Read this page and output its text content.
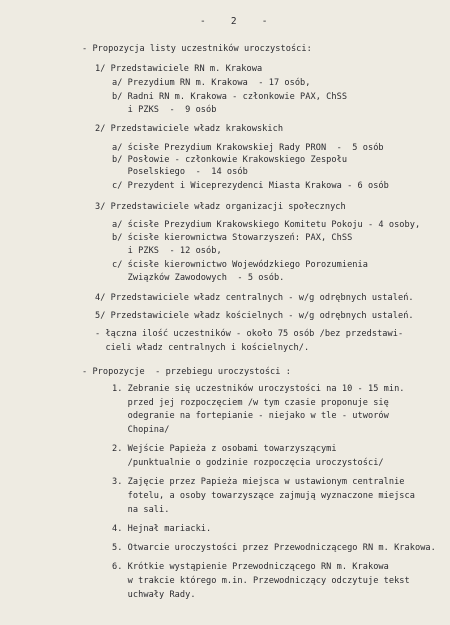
-   2   -
- Propozycja listy uczestników uroczystości:
1/ Przedstawiciele RN m. Krakowa
a/ Prezydium RN m. Krakowa  - 17 osób,
b/ Radni RN m. Krakowa - członkowie PAX, ChSS
i PZKS  -  9 osób
2/ Przedstawiciele władz krakowskich
a/ ścisłe Prezydium Krakowskiej Rady PRON  -  5 osób
b/ Posłowie - członkowie Krakowskiego Zespołu
Poselskiego  -  14 osób
c/ Prezydent i Wiceprezydenci Miasta Krakowa - 6 osób
3/ Przedstawiciele władz organizacji społecznych
a/ ścisłe Prezydium Krakowskiego Komitetu Pokoju - 4 osoby,
b/ ścisłe kierownictwa Stowarzyszeń: PAX, ChSS
i PZKS  - 12 osób,
c/ ścisłe kierownictwo Wojewódzkiego Porozumienia
Związków Zawodowych  - 5 osób.
4/ Przedstawiciele władz centralnych - w/g odrębnych ustaleń.
5/ Przedstawiciele władz kościelnych - w/g odrębnych ustaleń.
- łączna ilość uczestników - około 75 osób /bez przedstawi-
cieli władz centralnych i kościelnych/.
- Propozycje  - przebiegu uroczystości :
1. Zebranie się uczestników uroczystości na 10 - 15 min.
przed jej rozpoczęciem /w tym czasie proponuje się
odegranie na fortepianie - niejako w tle - utworów
Chopina/
2. Wejście Papieża z osobami towarzyszącymi
/punktualnie o godzinie rozpoczęcia uroczystości/
3. Zajęcie przez Papieża miejsca w ustawionym centralnie
fotelu, a osoby towarzyszące zajmują wyznaczone miejsca
na sali.
4. Hejnał mariacki.
5. Otwarcie uroczystości przez Przewodniczącego RN m. Krakowa.
6. Krótkie wystąpienie Przewodniczącego RN m. Krakowa
w trakcie którego m.in. Przewodniczący odczytuje tekst
uchwały Rady.
